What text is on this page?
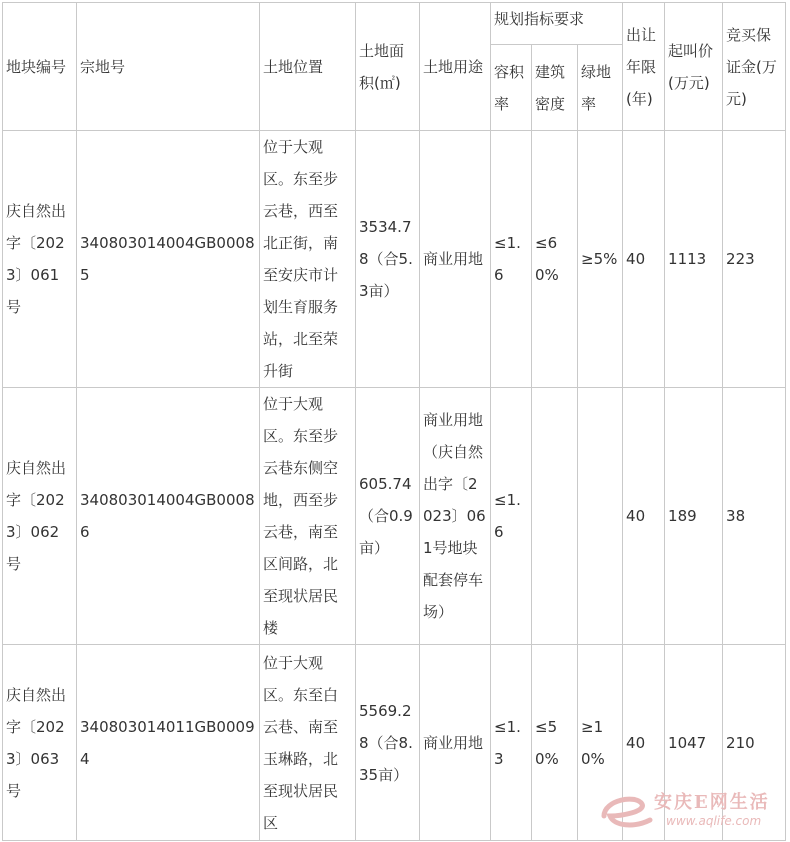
地块编号	宗地号	土地位置	土地面积(㎡)	土地用途	规划指标要求			出让年限(年)	起叫价(万元)	竞买保证金(万元)
					容积率	建筑密度	绿地率			
庆自然出字〔2023〕061号	340803014004GB00085	位于大观区。东至步云巷，西至北正街，南至安庆市计划生育服务站，北至荣升街	3534.78（合5.3亩）	商业用地	≤1.6	≤60%	≥5%	40	1113	223
庆自然出字〔2023〕062号	340803014004GB00086	位于大观区。东至步云巷东侧空地，西至步云巷，南至区间路，北至现状居民楼	605.74（合0.9亩）	商业用地（庆自然出字〔2023〕061号地块配套停车场）	≤1.6			40	189	38
庆自然出字〔2023〕063号	340803014011GB00094	位于大观区。东至白云巷、南至玉琳路，北至现状居民区	5569.28（合8.35亩）	商业用地	≤1.3	≤50%	≥10%	40	1047	210
安庆E网生活
www.aqlife.com
